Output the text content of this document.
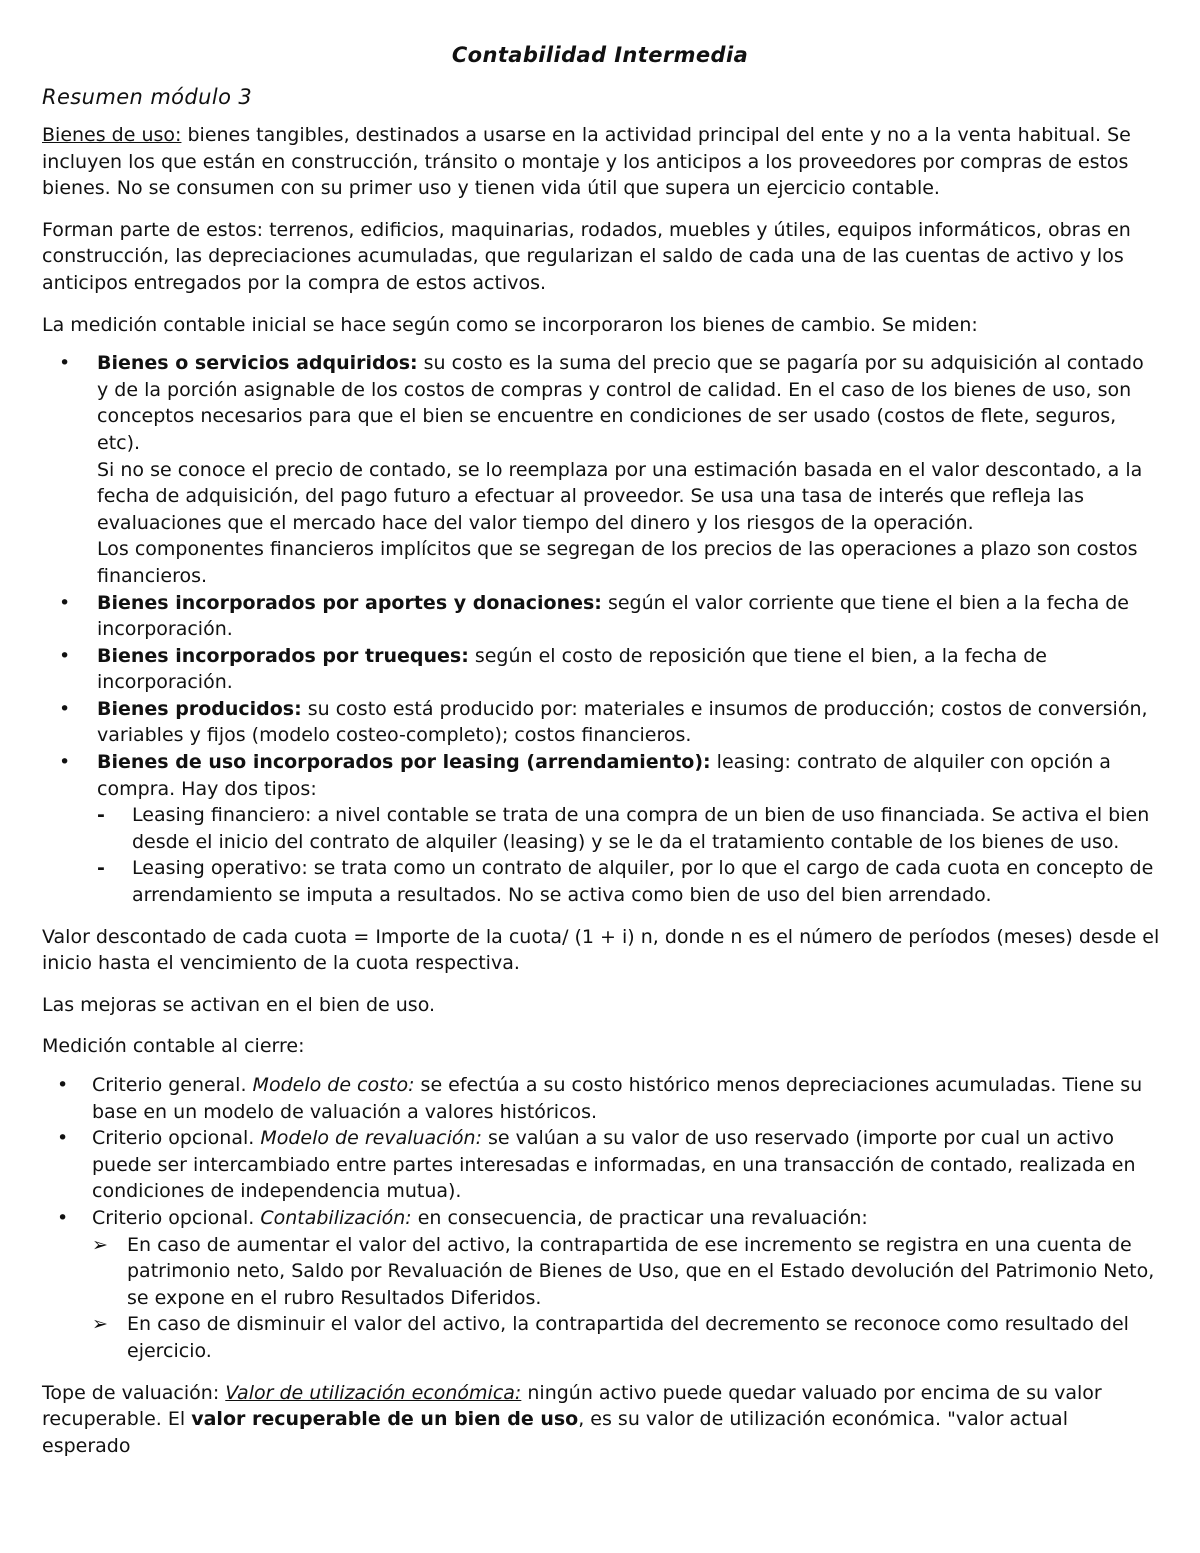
Contabilidad Intermedia
Resumen módulo 3

Bienes de uso: bienes tangibles, destinados a usarse en la actividad principal del ente y no a la venta habitual. Se incluyen los que están en construcción, tránsito o montaje y los anticipos a los proveedores por compras de estos bienes. No se consumen con su primer uso y tienen vida útil que supera un ejercicio contable.

Forman parte de estos: terrenos, edificios, maquinarias, rodados, muebles y útiles, equipos informáticos, obras en construcción, las depreciaciones acumuladas, que regularizan el saldo de cada una de las cuentas de activo y los anticipos entregados por la compra de estos activos.

La medición contable inicial se hace según como se incorporaron los bienes de cambio. Se miden:

• Bienes o servicios adquiridos: su costo es la suma del precio que se pagaría por su adquisición al contado y de la porción asignable de los costos de compras y control de calidad. En el caso de los bienes de uso, son conceptos necesarios para que el bien se encuentre en condiciones de ser usado (costos de flete, seguros, etc).
Si no se conoce el precio de contado, se lo reemplaza por una estimación basada en el valor descontado, a la fecha de adquisición, del pago futuro a efectuar al proveedor. Se usa una tasa de interés que refleja las evaluaciones que el mercado hace del valor tiempo del dinero y los riesgos de la operación.
Los componentes financieros implícitos que se segregan de los precios de las operaciones a plazo son costos financieros.
• Bienes incorporados por aportes y donaciones: según el valor corriente que tiene el bien a la fecha de incorporación.
• Bienes incorporados por trueques: según el costo de reposición que tiene el bien, a la fecha de incorporación.
• Bienes producidos: su costo está producido por: materiales e insumos de producción; costos de conversión, variables y fijos (modelo costeo-completo); costos financieros.
• Bienes de uso incorporados por leasing (arrendamiento): leasing: contrato de alquiler con opción a compra. Hay dos tipos:
- Leasing financiero: a nivel contable se trata de una compra de un bien de uso financiada. Se activa el bien desde el inicio del contrato de alquiler (leasing) y se le da el tratamiento contable de los bienes de uso.
- Leasing operativo: se trata como un contrato de alquiler, por lo que el cargo de cada cuota en concepto de arrendamiento se imputa a resultados. No se activa como bien de uso del bien arrendado.

Valor descontado de cada cuota = Importe de la cuota/ (1 + i) n, donde n es el número de períodos (meses) desde el inicio hasta el vencimiento de la cuota respectiva.

Las mejoras se activan en el bien de uso.

Medición contable al cierre:

• Criterio general. Modelo de costo: se efectúa a su costo histórico menos depreciaciones acumuladas. Tiene su base en un modelo de valuación a valores históricos.
• Criterio opcional. Modelo de revaluación: se valúan a su valor de uso reservado (importe por cual un activo puede ser intercambiado entre partes interesadas e informadas, en una transacción de contado, realizada en condiciones de independencia mutua).
• Criterio opcional. Contabilización: en consecuencia, de practicar una revaluación:
➢ En caso de aumentar el valor del activo, la contrapartida de ese incremento se registra en una cuenta de patrimonio neto, Saldo por Revaluación de Bienes de Uso, que en el Estado devolución del Patrimonio Neto, se expone en el rubro Resultados Diferidos.
➢ En caso de disminuir el valor del activo, la contrapartida del decremento se reconoce como resultado del ejercicio.

Tope de valuación: Valor de utilización económica: ningún activo puede quedar valuado por encima de su valor recuperable. El valor recuperable de un bien de uso, es su valor de utilización económica. "valor actual esperado
